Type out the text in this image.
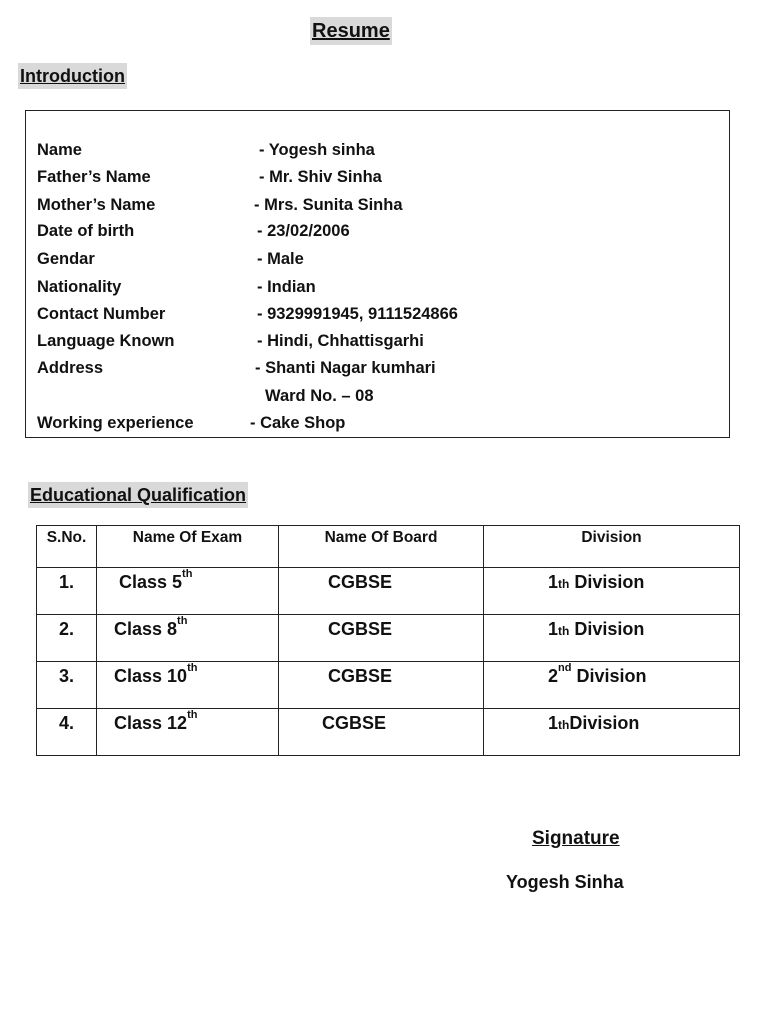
Resume
Introduction
Name	- Yogesh sinha
Father’s Name	- Mr. Shiv Sinha
Mother’s Name	- Mrs. Sunita Sinha
Date of birth	- 23/02/2006
Gendar	- Male
Nationality	- Indian
Contact Number	- 9329991945, 9111524866
Language Known	- Hindi, Chhattisgarhi
Address	- Shanti Nagar kumhari
Ward No. – 08
Working experience	- Cake Shop
Educational Qualification
S.No.	Name Of Exam	Name Of Board	Division
1.	Class 5th	CGBSE	1th Division
2.	Class 8th	CGBSE	1th Division
3.	Class 10th	CGBSE	2nd Division
4.	Class 12th	CGBSE	1thDivision
Signature
Yogesh Sinha
